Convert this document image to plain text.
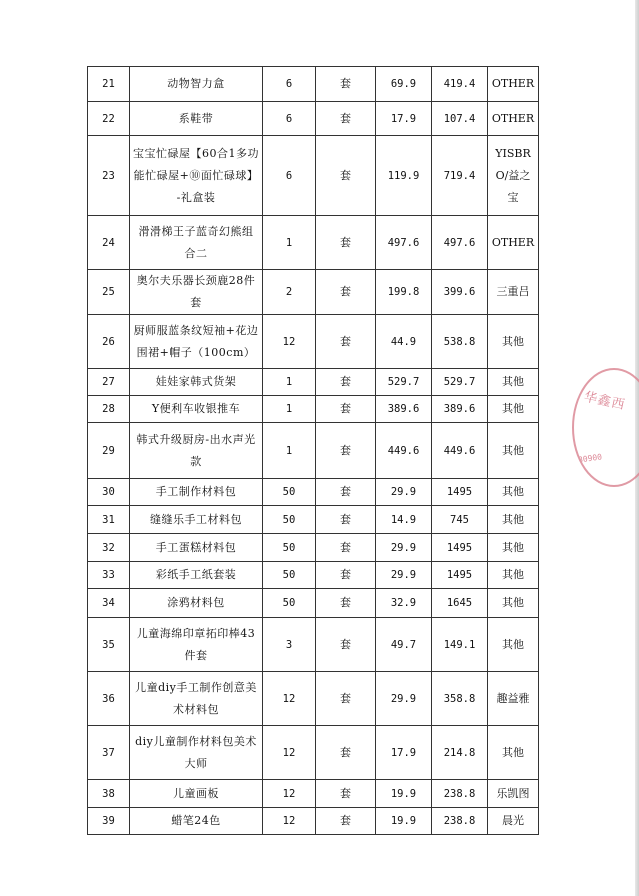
21	动物智力盒	6	套	69.9	419.4	OTHER
22	系鞋带	6	套	17.9	107.4	OTHER
23	宝宝忙碌屋【60合1多功能忙碌屋+⑩面忙碌球】-礼盒装	6	套	119.9	719.4	YISBRO/益之宝
24	滑滑梯王子蓝奇幻熊组合二	1	套	497.6	497.6	OTHER
25	奥尔夫乐器长颈鹿28件套	2	套	199.8	399.6	三重吕
26	厨师服蓝条纹短袖+花边围裙+帽子（100cm）	12	套	44.9	538.8	其他
27	娃娃家韩式货架	1	套	529.7	529.7	其他
28	Y便利车收银推车	1	套	389.6	389.6	其他
29	韩式升级厨房-出水声光款	1	套	449.6	449.6	其他
30	手工制作材料包	50	套	29.9	1495	其他
31	缝缝乐手工材料包	50	套	14.9	745	其他
32	手工蛋糕材料包	50	套	29.9	1495	其他
33	彩纸手工纸套装	50	套	29.9	1495	其他
34	涂鸦材料包	50	套	32.9	1645	其他
35	儿童海绵印章拓印棒43件套	3	套	49.7	149.1	其他
36	儿童diy手工制作创意美术材料包	12	套	29.9	358.8	趣益雅
37	diy儿童制作材料包美术大师	12	套	17.9	214.8	其他
38	儿童画板	12	套	19.9	238.8	乐凯图
39	蜡笔24色	12	套	19.9	238.8	晨光
华鑫西
30900
